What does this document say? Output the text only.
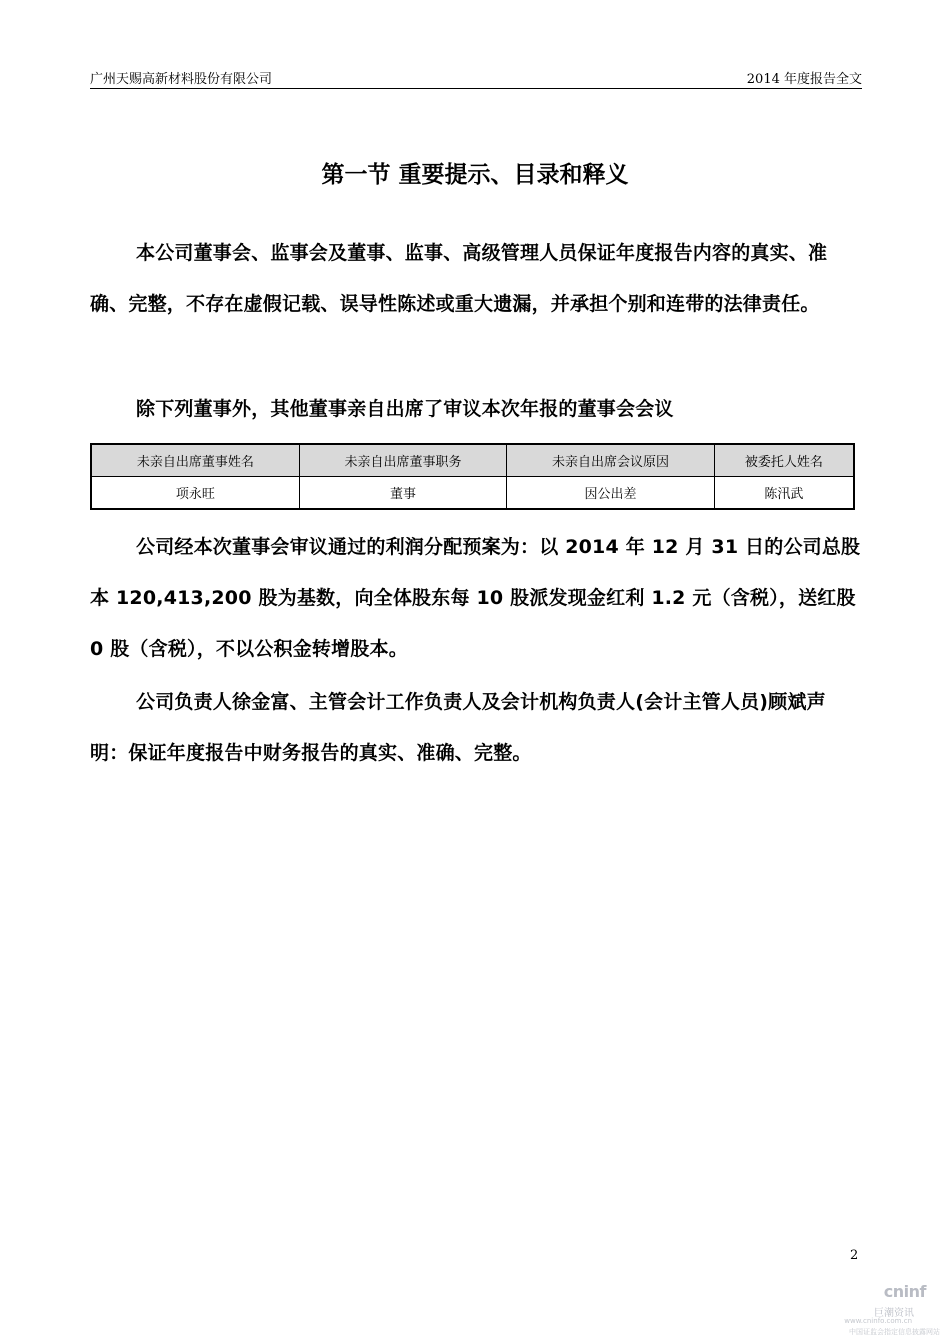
广州天赐高新材料股份有限公司	2014 年度报告全文
第一节 重要提示、目录和释义
本公司董事会、监事会及董事、监事、高级管理人员保证年度报告内容的真实、准确、完整，不存在虚假记载、误导性陈述或重大遗漏，并承担个别和连带的法律责任。
除下列董事外，其他董事亲自出席了审议本次年报的董事会会议
未亲自出席董事姓名	未亲自出席董事职务	未亲自出席会议原因	被委托人姓名
项永旺	董事	因公出差	陈汛武
公司经本次董事会审议通过的利润分配预案为：以 2014 年 12 月 31 日的公司总股本 120,413,200 股为基数，向全体股东每 10 股派发现金红利 1.2 元（含税），送红股 0 股（含税），不以公积金转增股本。
公司负责人徐金富、主管会计工作负责人及会计机构负责人(会计主管人员)顾斌声明：保证年度报告中财务报告的真实、准确、完整。
2
cninf
巨潮资讯
www.cninfo.com.cn
中国证监会指定信息披露网站
